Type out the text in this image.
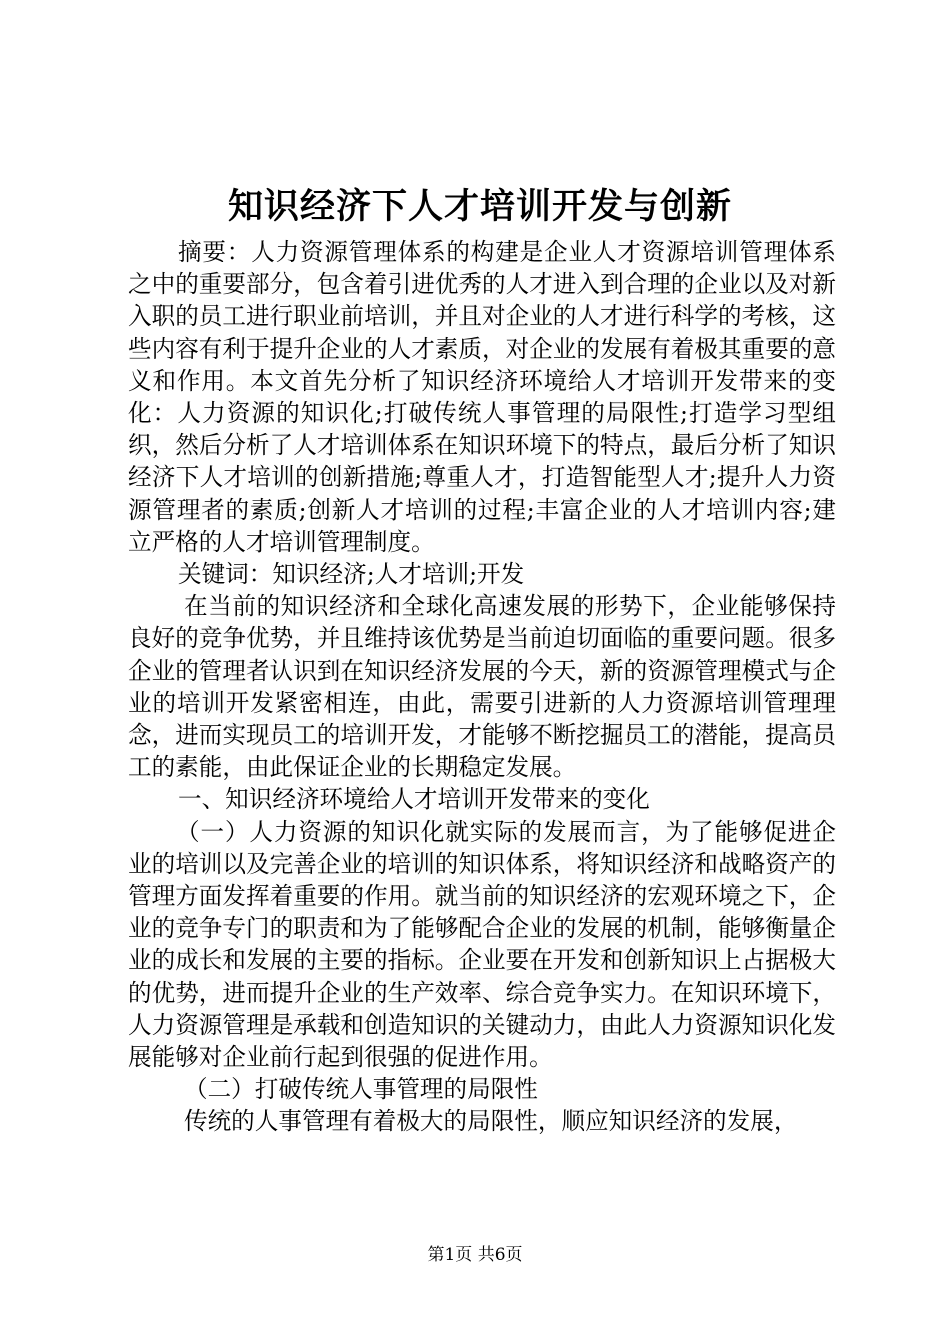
知识经济下人才培训开发与创新

摘要：人力资源管理体系的构建是企业人才资源培训管理体系之中的重要部分，包含着引进优秀的人才进入到合理的企业以及对新入职的员工进行职业前培训，并且对企业的人才进行科学的考核，这些内容有利于提升企业的人才素质，对企业的发展有着极其重要的意义和作用。本文首先分析了知识经济环境给人才培训开发带来的变化：人力资源的知识化;打破传统人事管理的局限性;打造学习型组织，然后分析了人才培训体系在知识环境下的特点，最后分析了知识经济下人才培训的创新措施;尊重人才，打造智能型人才;提升人力资源管理者的素质;创新人才培训的过程;丰富企业的人才培训内容;建立严格的人才培训管理制度。

关键词：知识经济;人才培训;开发

在当前的知识经济和全球化高速发展的形势下，企业能够保持良好的竞争优势，并且维持该优势是当前迫切面临的重要问题。很多企业的管理者认识到在知识经济发展的今天，新的资源管理模式与企业的培训开发紧密相连，由此，需要引进新的人力资源培训管理理念，进而实现员工的培训开发，才能够不断挖掘员工的潜能，提高员工的素能，由此保证企业的长期稳定发展。

一、知识经济环境给人才培训开发带来的变化

（一）人力资源的知识化就实际的发展而言，为了能够促进企业的培训以及完善企业的培训的知识体系，将知识经济和战略资产的管理方面发挥着重要的作用。就当前的知识经济的宏观环境之下，企业的竞争专门的职责和为了能够配合企业的发展的机制，能够衡量企业的成长和发展的主要的指标。企业要在开发和创新知识上占据极大的优势，进而提升企业的生产效率、综合竞争实力。在知识环境下，人力资源管理是承载和创造知识的关键动力，由此人力资源知识化发展能够对企业前行起到很强的促进作用。

（二）打破传统人事管理的局限性

传统的人事管理有着极大的局限性，顺应知识经济的发展，

第1页 共6页
